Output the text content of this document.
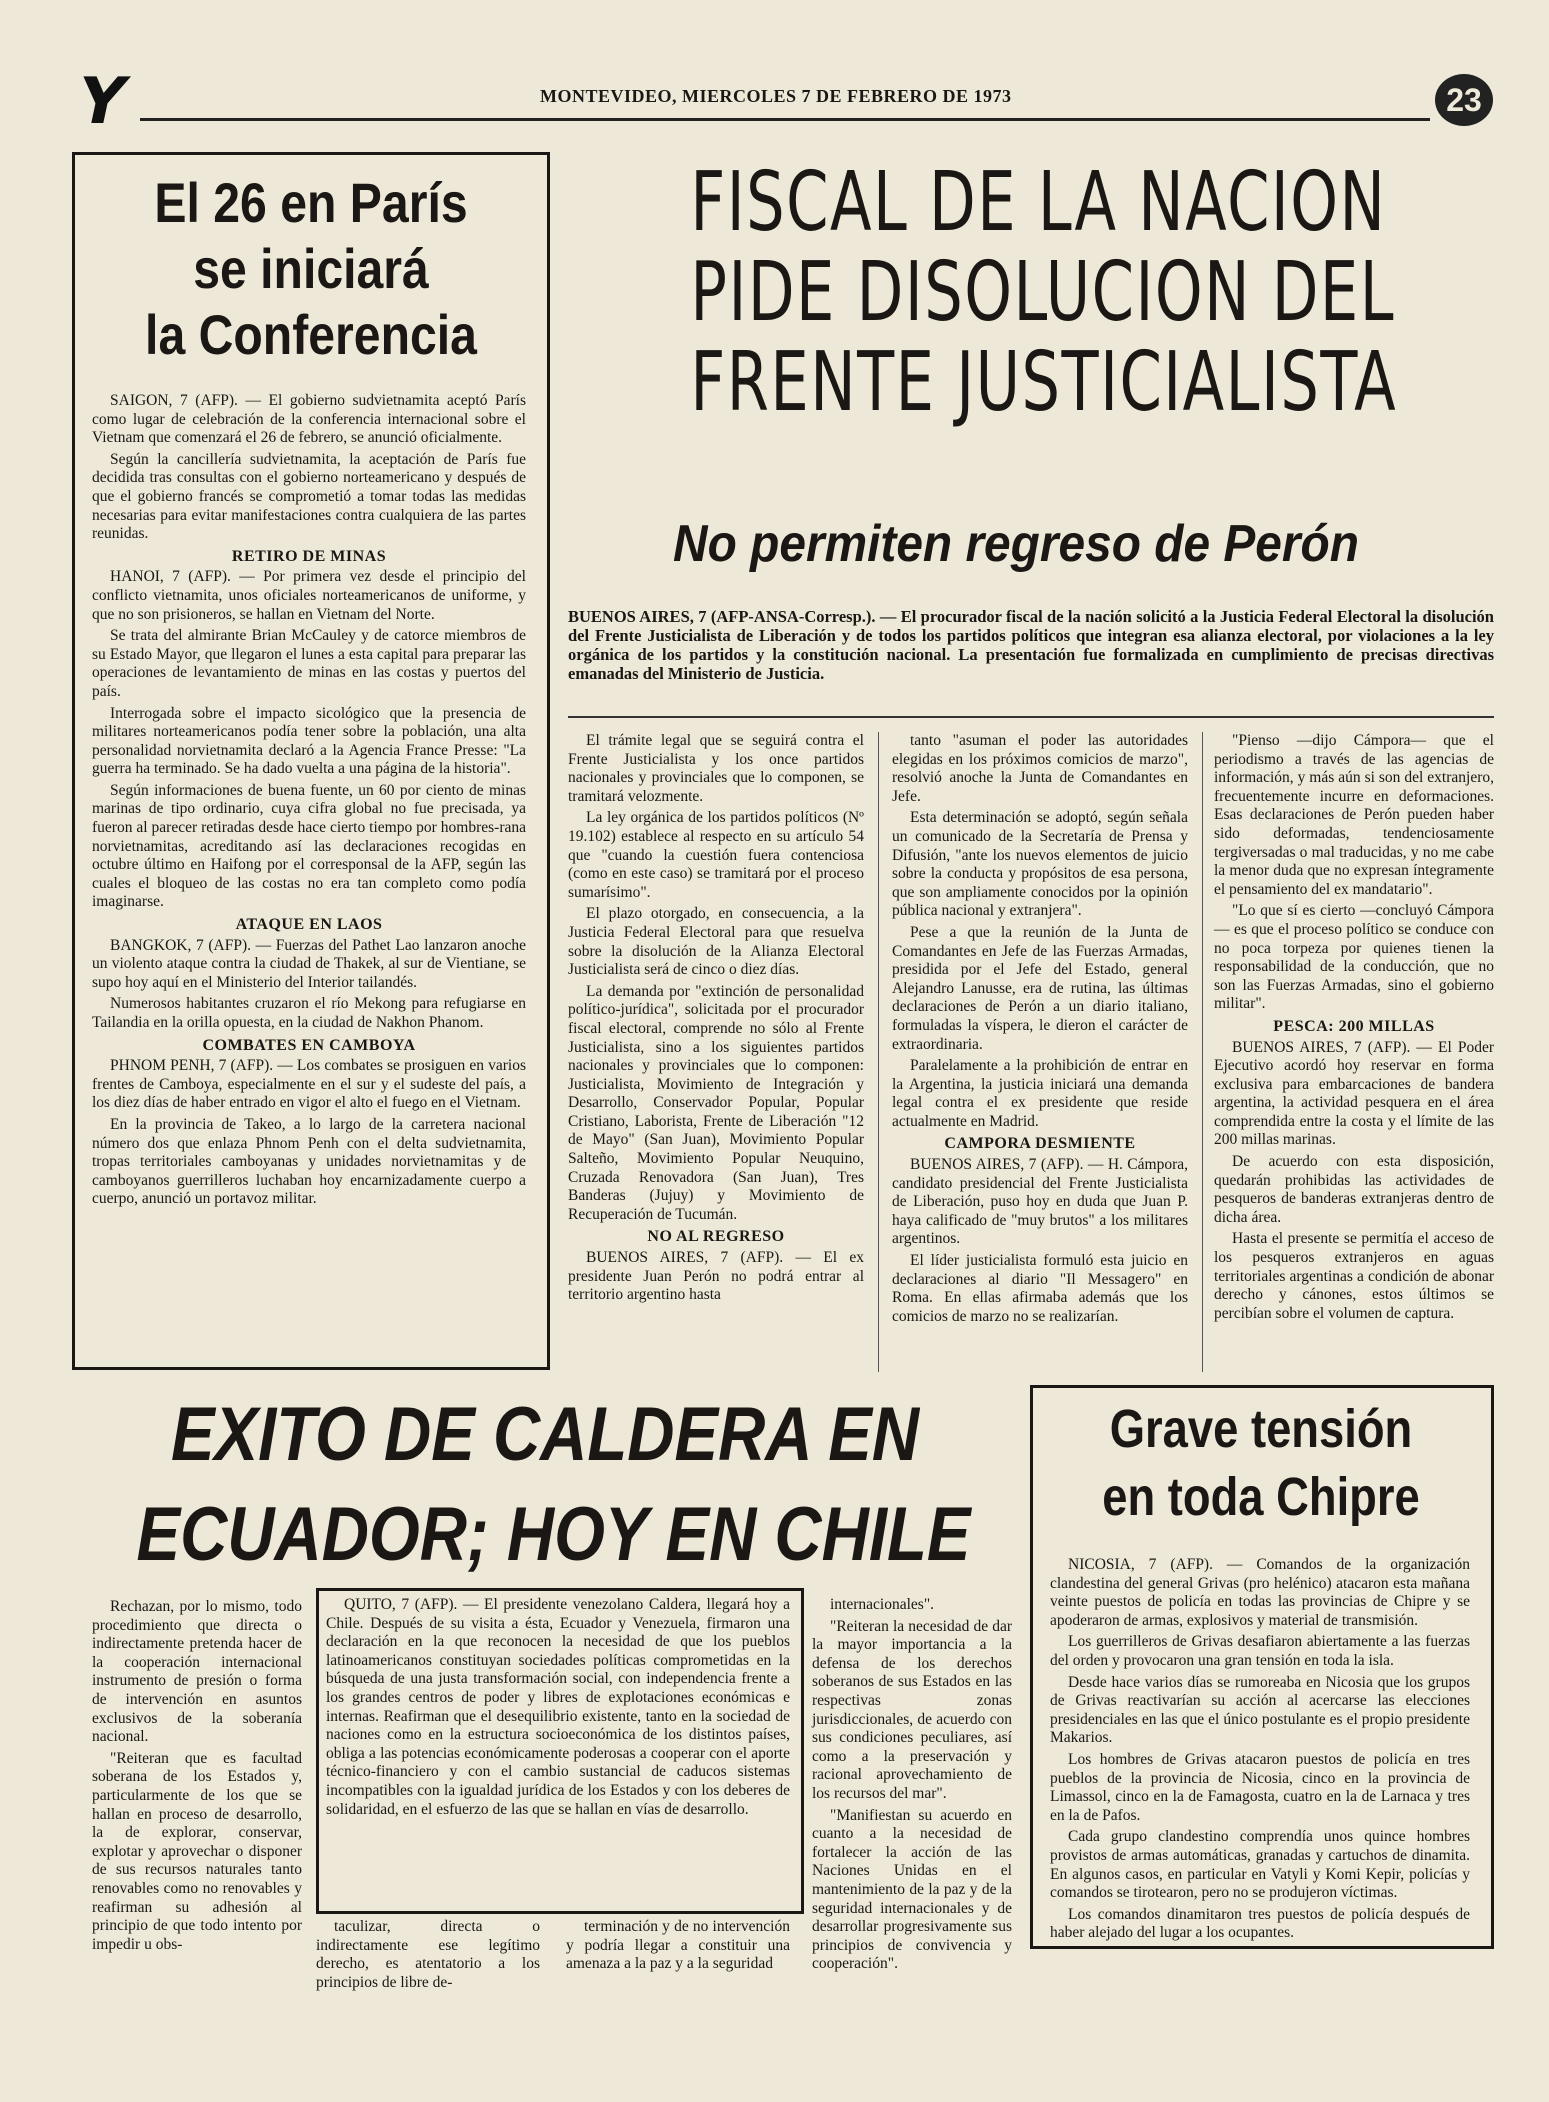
Y	MONTEVIDEO, MIERCOLES 7 DE FEBRERO DE 1973	23
El 26 en París
se iniciará
la Conferencia

SAIGON, 7 (AFP). — El gobierno sudvietnamita aceptó París como lugar de celebración de la conferencia internacional sobre el Vietnam que comenzará el 26 de febrero, se anunció oficialmente.

Según la cancillería sudvietnamita, la aceptación de París fue decidida tras consultas con el gobierno norteamericano y después de que el gobierno francés se comprometió a tomar todas las medidas necesarias para evitar manifestaciones contra cualquiera de las partes reunidas.

RETIRO DE MINAS

HANOI, 7 (AFP). — Por primera vez desde el principio del conflicto vietnamita, unos oficiales norteamericanos de uniforme, y que no son prisioneros, se hallan en Vietnam del Norte.

Se trata del almirante Brian McCauley y de catorce miembros de su Estado Mayor, que llegaron el lunes a esta capital para preparar las operaciones de levantamiento de minas en las costas y puertos del país.

Interrogada sobre el impacto sicológico que la presencia de militares norteamericanos podía tener sobre la población, una alta personalidad norvietnamita declaró a la Agencia France Presse: "La guerra ha terminado. Se ha dado vuelta a una página de la historia".

Según informaciones de buena fuente, un 60 por ciento de minas marinas de tipo ordinario, cuya cifra global no fue precisada, ya fueron al parecer retiradas desde hace cierto tiempo por hombres-rana norvietnamitas, acreditando así las declaraciones recogidas en octubre último en Haifong por el corresponsal de la AFP, según las cuales el bloqueo de las costas no era tan completo como podía imaginarse.

ATAQUE EN LAOS

BANGKOK, 7 (AFP). — Fuerzas del Pathet Lao lanzaron anoche un violento ataque contra la ciudad de Thakek, al sur de Vientiane, se supo hoy aquí en el Ministerio del Interior tailandés.

Numerosos habitantes cruzaron el río Mekong para refugiarse en Tailandia en la orilla opuesta, en la ciudad de Nakhon Phanom.

COMBATES EN CAMBOYA

PHNOM PENH, 7 (AFP). — Los combates se prosiguen en varios frentes de Camboya, especialmente en el sur y el sudeste del país, a los diez días de haber entrado en vigor el alto el fuego en el Vietnam.

En la provincia de Takeo, a lo largo de la carretera nacional número dos que enlaza Phnom Penh con el delta sudvietnamita, tropas territoriales camboyanas y unidades norvietnamitas y de camboyanos guerrilleros luchaban hoy encarnizadamente cuerpo a cuerpo, anunció un portavoz militar.

FISCAL DE LA NACION
PIDE DISOLUCION DEL
FRENTE JUSTICIALISTA
No permiten regreso de Perón
BUENOS AIRES, 7 (AFP-ANSA-Corresp.). — El procurador fiscal de la nación solicitó a la Justicia Federal Electoral la disolución del Frente Justicialista de Liberación y de todos los partidos políticos que integran esa alianza electoral, por violaciones a la ley orgánica de los partidos y la constitución nacional. La presentación fue formalizada en cumplimiento de precisas directivas emanadas del Ministerio de Justicia.

El trámite legal que se seguirá contra el Frente Justicialista y los once partidos nacionales y provinciales que lo componen, se tramitará velozmente.

La ley orgánica de los partidos políticos (Nº 19.102) establece al respecto en su artículo 54 que "cuando la cuestión fuera contenciosa (como en este caso) se tramitará por el proceso sumarísimo".

El plazo otorgado, en consecuencia, a la Justicia Federal Electoral para que resuelva sobre la disolución de la Alianza Electoral Justicialista será de cinco o diez días.

La demanda por "extinción de personalidad político-jurídica", solicitada por el procurador fiscal electoral, comprende no sólo al Frente Justicialista, sino a los siguientes partidos nacionales y provinciales que lo componen: Justicialista, Movimiento de Integración y Desarrollo, Conservador Popular, Popular Cristiano, Laborista, Frente de Liberación "12 de Mayo" (San Juan), Movimiento Popular Salteño, Movimiento Popular Neuquino, Cruzada Renovadora (San Juan), Tres Banderas (Jujuy) y Movimiento de Recuperación de Tucumán.

NO AL REGRESO

BUENOS AIRES, 7 (AFP). — El ex presidente Juan Perón no podrá entrar al territorio argentino hasta

tanto "asuman el poder las autoridades elegidas en los próximos comicios de marzo", resolvió anoche la Junta de Comandantes en Jefe.

Esta determinación se adoptó, según señala un comunicado de la Secretaría de Prensa y Difusión, "ante los nuevos elementos de juicio sobre la conducta y propósitos de esa persona, que son ampliamente conocidos por la opinión pública nacional y extranjera".

Pese a que la reunión de la Junta de Comandantes en Jefe de las Fuerzas Armadas, presidida por el Jefe del Estado, general Alejandro Lanusse, era de rutina, las últimas declaraciones de Perón a un diario italiano, formuladas la víspera, le dieron el carácter de extraordinaria.

Paralelamente a la prohibición de entrar en la Argentina, la justicia iniciará una demanda legal contra el ex presidente que reside actualmente en Madrid.

CAMPORA DESMIENTE

BUENOS AIRES, 7 (AFP). — H. Cámpora, candidato presidencial del Frente Justicialista de Liberación, puso hoy en duda que Juan P. haya calificado de "muy brutos" a los militares argentinos.

El líder justicialista formuló esta juicio en declaraciones al diario "Il Messagero" en Roma. En ellas afirmaba además que los comicios de marzo no se realizarían.

"Pienso —dijo Cámpora— que el periodismo a través de las agencias de información, y más aún si son del extranjero, frecuentemente incurre en deformaciones. Esas declaraciones de Perón pueden haber sido deformadas, tendenciosamente tergiversadas o mal traducidas, y no me cabe la menor duda que no expresan íntegramente el pensamiento del ex mandatario".

"Lo que sí es cierto —concluyó Cámpora— es que el proceso político se conduce con no poca torpeza por quienes tienen la responsabilidad de la conducción, que no son las Fuerzas Armadas, sino el gobierno militar".

PESCA: 200 MILLAS

BUENOS AIRES, 7 (AFP). — El Poder Ejecutivo acordó hoy reservar en forma exclusiva para embarcaciones de bandera argentina, la actividad pesquera en el área comprendida entre la costa y el límite de las 200 millas marinas.

De acuerdo con esta disposición, quedarán prohibidas las actividades de pesqueros de banderas extranjeras dentro de dicha área.

Hasta el presente se permitía el acceso de los pesqueros extranjeros en aguas territoriales argentinas a condición de abonar derecho y cánones, estos últimos se percibían sobre el volumen de captura.

EXITO DE CALDERA EN
ECUADOR; HOY EN CHILE

Rechazan, por lo mismo, todo procedimiento que directa o indirectamente pretenda hacer de la cooperación internacional instrumento de presión o forma de intervención en asuntos exclusivos de la soberanía nacional.

"Reiteran que es facultad soberana de los Estados y, particularmente de los que se hallan en proceso de desarrollo, la de explorar, conservar, explotar y aprovechar o disponer de sus recursos naturales tanto renovables como no renovables y reafirman su adhesión al principio de que todo intento por impedir u obs-

QUITO, 7 (AFP). — El presidente venezolano Caldera, llegará hoy a Chile. Después de su visita a ésta, Ecuador y Venezuela, firmaron una declaración en la que reconocen la necesidad de que los pueblos latinoamericanos constituyan sociedades políticas comprometidas en la búsqueda de una justa transformación social, con independencia frente a los grandes centros de poder y libres de explotaciones económicas e internas. Reafirman que el desequilibrio existente, tanto en la sociedad de naciones como en la estructura socioeconómica de los distintos países, obliga a las potencias económicamente poderosas a cooperar con el aporte técnico-financiero y con el cambio sustancial de caducos sistemas incompatibles con la igualdad jurídica de los Estados y con los deberes de solidaridad, en el esfuerzo de las que se hallan en vías de desarrollo.

taculizar, directa o indirectamente ese legítimo derecho, es atentatorio a los principios de libre de-

terminación y de no intervención y podría llegar a constituir una amenaza a la paz y a la seguridad

internacionales".

"Reiteran la necesidad de dar la mayor importancia a la defensa de los derechos soberanos de sus Estados en las respectivas zonas jurisdiccionales, de acuerdo con sus condiciones peculiares, así como a la preservación y racional aprovechamiento de los recursos del mar".

"Manifiestan su acuerdo en cuanto a la necesidad de fortalecer la acción de las Naciones Unidas en el mantenimiento de la paz y de la seguridad internacionales y de desarrollar progresivamente sus principios de convivencia y cooperación".

Grave tensión
en toda Chipre

NICOSIA, 7 (AFP). — Comandos de la organización clandestina del general Grivas (pro helénico) atacaron esta mañana veinte puestos de policía en todas las provincias de Chipre y se apoderaron de armas, explosivos y material de transmisión.

Los guerrilleros de Grivas desafiaron abiertamente a las fuerzas del orden y provocaron una gran tensión en toda la isla.

Desde hace varios días se rumoreaba en Nicosia que los grupos de Grivas reactivarían su acción al acercarse las elecciones presidenciales en las que el único postulante es el propio presidente Makarios.

Los hombres de Grivas atacaron puestos de policía en tres pueblos de la provincia de Nicosia, cinco en la provincia de Limassol, cinco en la de Famagosta, cuatro en la de Larnaca y tres en la de Pafos.

Cada grupo clandestino comprendía unos quince hombres provistos de armas automáticas, granadas y cartuchos de dinamita. En algunos casos, en particular en Vatyli y Komi Kepir, policías y comandos se tirotearon, pero no se produjeron víctimas.

Los comandos dinamitaron tres puestos de policía después de haber alejado del lugar a los ocupantes.
